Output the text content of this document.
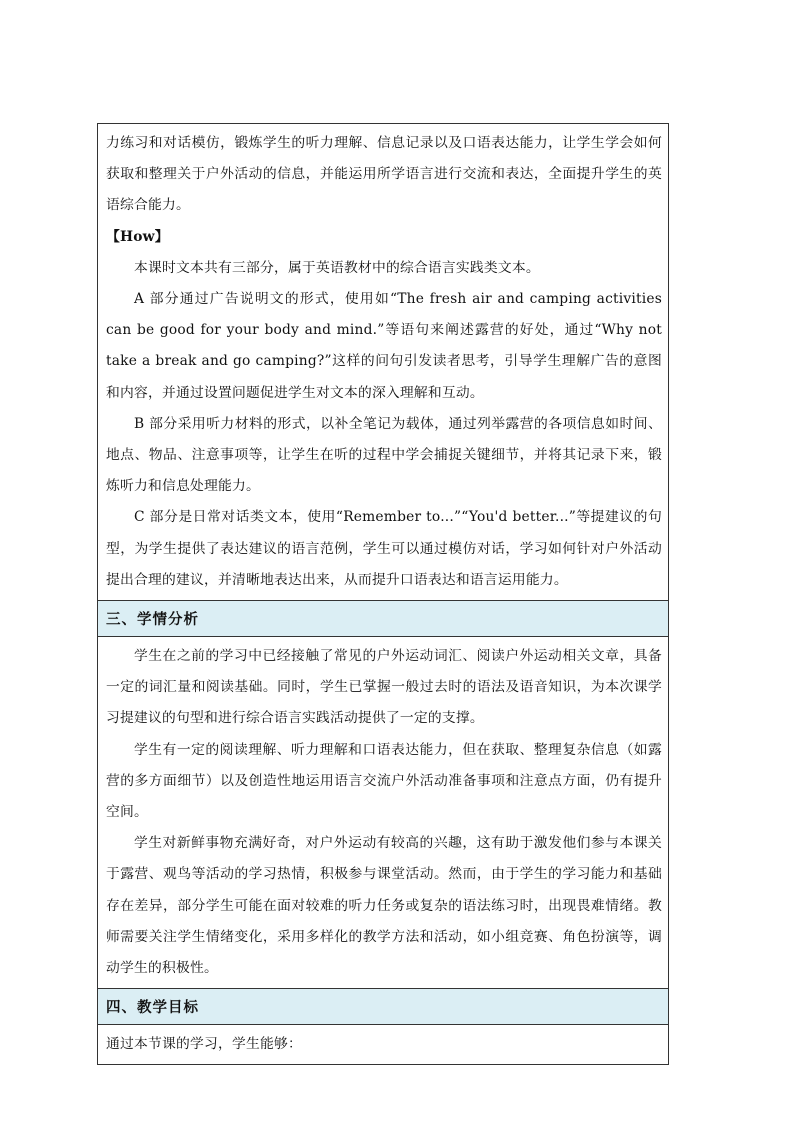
力练习和对话模仿，锻炼学生的听力理解、信息记录以及口语表达能力，让学生学会如何获取和整理关于户外活动的信息，并能运用所学语言进行交流和表达，全面提升学生的英语综合能力。

【How】

本课时文本共有三部分，属于英语教材中的综合语言实践类文本。

A 部分通过广告说明文的形式，使用如“The fresh air and camping activities can be good for your body and mind.”等语句来阐述露营的好处，通过“Why not take a break and go camping?”这样的问句引发读者思考，引导学生理解广告的意图和内容，并通过设置问题促进学生对文本的深入理解和互动。

B 部分采用听力材料的形式，以补全笔记为载体，通过列举露营的各项信息如时间、地点、物品、注意事项等，让学生在听的过程中学会捕捉关键细节，并将其记录下来，锻炼听力和信息处理能力。

C 部分是日常对话类文本，使用“Remember to...”“You'd better...”等提建议的句型，为学生提供了表达建议的语言范例，学生可以通过模仿对话，学习如何针对户外活动提出合理的建议，并清晰地表达出来，从而提升口语表达和语言运用能力。

三、学情分析

学生在之前的学习中已经接触了常见的户外运动词汇、阅读户外运动相关文章，具备一定的词汇量和阅读基础。同时，学生已掌握一般过去时的语法及语音知识，为本次课学习提建议的句型和进行综合语言实践活动提供了一定的支撑。

学生有一定的阅读理解、听力理解和口语表达能力，但在获取、整理复杂信息（如露营的多方面细节）以及创造性地运用语言交流户外活动准备事项和注意点方面，仍有提升空间。

学生对新鲜事物充满好奇，对户外运动有较高的兴趣，这有助于激发他们参与本课关于露营、观鸟等活动的学习热情，积极参与课堂活动。然而，由于学生的学习能力和基础存在差异，部分学生可能在面对较难的听力任务或复杂的语法练习时，出现畏难情绪。教师需要关注学生情绪变化，采用多样化的教学方法和活动，如小组竞赛、角色扮演等，调动学生的积极性。

四、教学目标

通过本节课的学习，学生能够：
